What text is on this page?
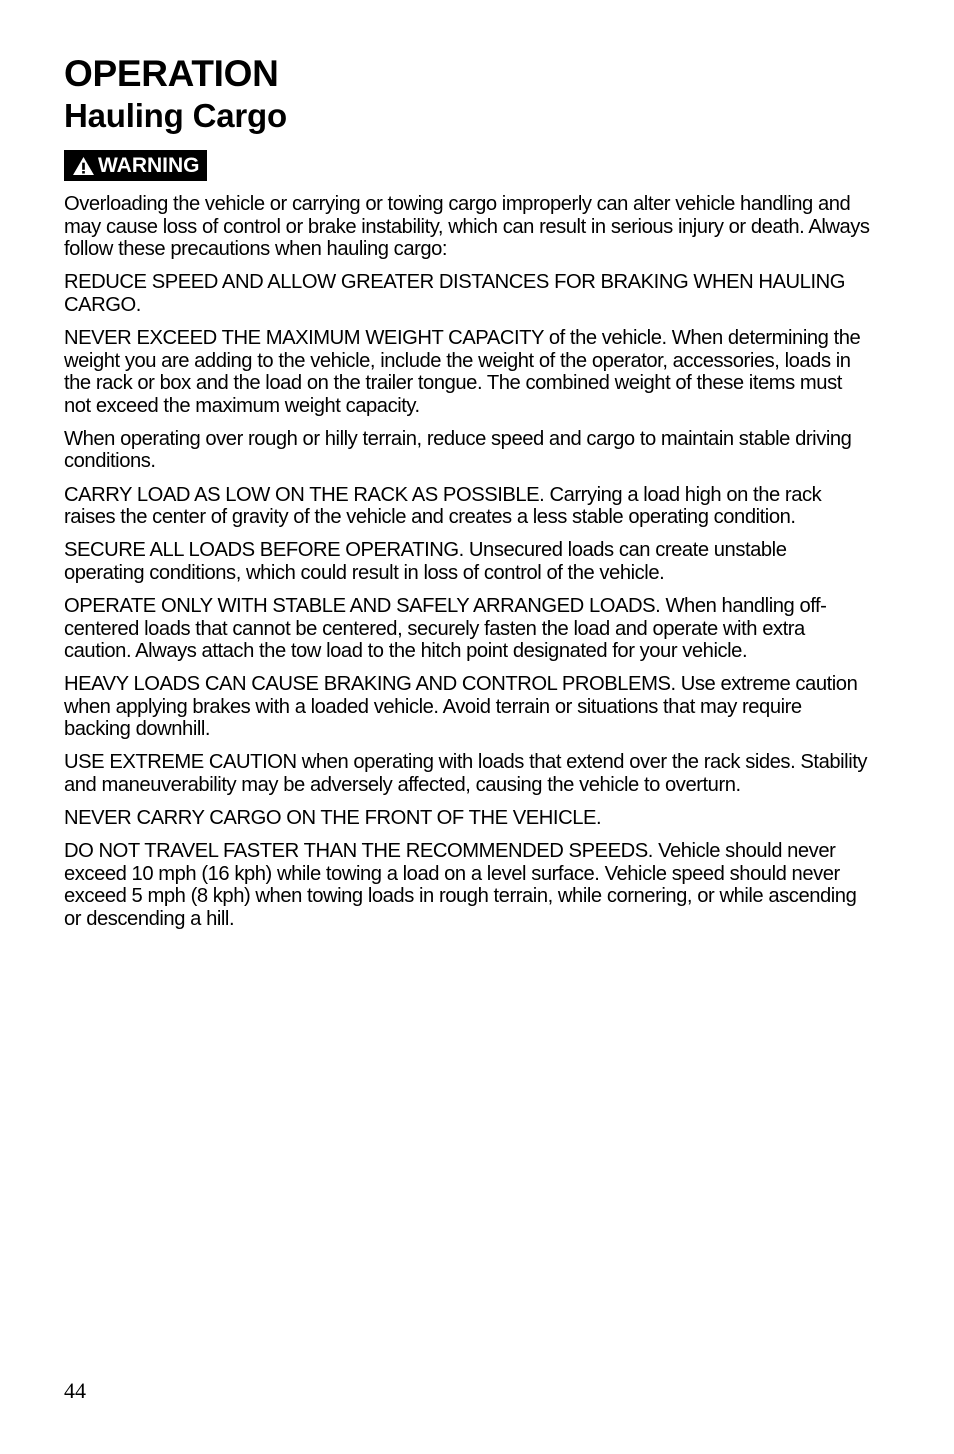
OPERATION
Hauling Cargo
WARNING

Overloading the vehicle or carrying or towing cargo improperly can alter vehicle handling and may cause loss of control or brake instability, which can result in serious injury or death. Always follow these precautions when hauling cargo:

REDUCE SPEED AND ALLOW GREATER DISTANCES FOR BRAKING WHEN HAULING CARGO.

NEVER EXCEED THE MAXIMUM WEIGHT CAPACITY of the vehicle. When determining the weight you are adding to the vehicle, include the weight of the operator, accessories, loads in the rack or box and the load on the trailer tongue. The combined weight of these items must not exceed the maximum weight capacity.

When operating over rough or hilly terrain, reduce speed and cargo to maintain stable driving conditions.

CARRY LOAD AS LOW ON THE RACK AS POSSIBLE. Carrying a load high on the rack raises the center of gravity of the vehicle and creates a less stable operating condition.

SECURE ALL LOADS BEFORE OPERATING. Unsecured loads can create unstable operating conditions, which could result in loss of control of the vehicle.

OPERATE ONLY WITH STABLE AND SAFELY ARRANGED LOADS. When handling off-centered loads that cannot be centered, securely fasten the load and operate with extra caution. Always attach the tow load to the hitch point designated for your vehicle.

HEAVY LOADS CAN CAUSE BRAKING AND CONTROL PROBLEMS. Use extreme caution when applying brakes with a loaded vehicle. Avoid terrain or situations that may require backing downhill.

USE EXTREME CAUTION when operating with loads that extend over the rack sides. Stability and maneuverability may be adversely affected, causing the vehicle to overturn.

NEVER CARRY CARGO ON THE FRONT OF THE VEHICLE.

DO NOT TRAVEL FASTER THAN THE RECOMMENDED SPEEDS. Vehicle should never exceed 10 mph (16 kph) while towing a load on a level surface. Vehicle speed should never exceed 5 mph (8 kph) when towing loads in rough terrain, while cornering, or while ascending or descending a hill.

44
